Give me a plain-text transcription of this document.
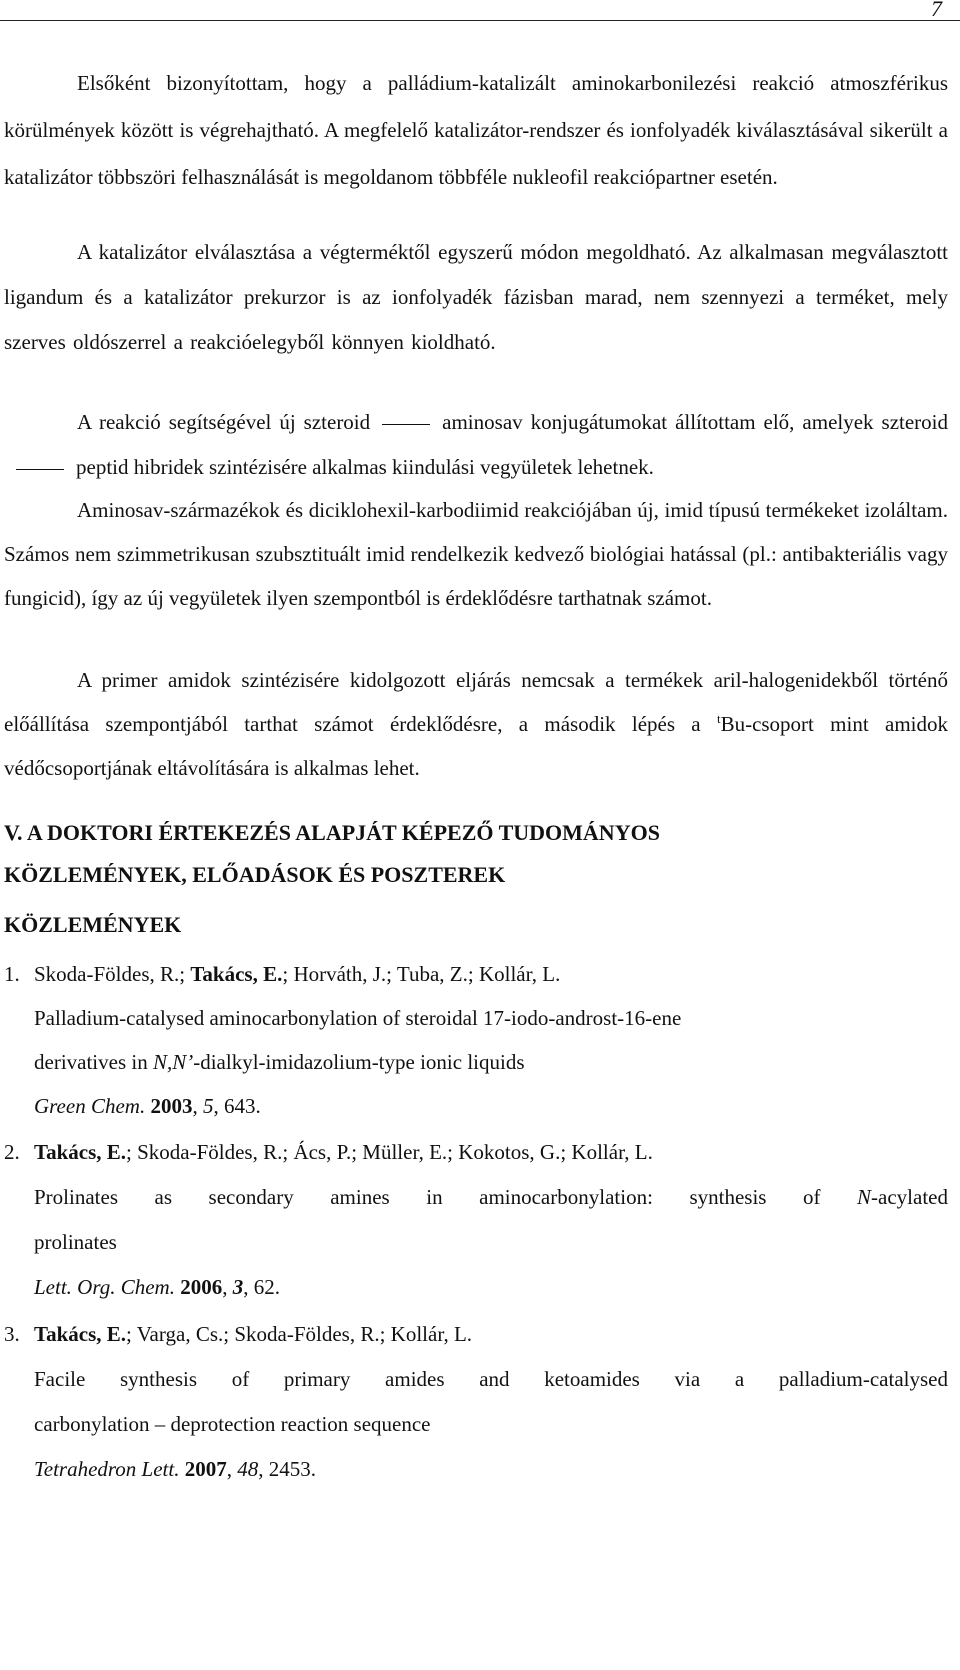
7
Elsőként bizonyítottam, hogy a palládium-katalizált aminokarbonilezési reakció atmoszférikus körülmények között is végrehajtható. A megfelelő katalizátor-rendszer és ionfolyadék kiválasztásával sikerült a katalizátor többszöri felhasználását is megoldanom többféle nukleofil reakciópartner esetén.
A katalizátor elválasztása a végterméktől egyszerű módon megoldható. Az alkalmasan megválasztott ligandum és a katalizátor prekurzor is az ionfolyadék fázisban marad, nem szennyezi a terméket, mely szerves oldószerrel a reakcióelegyből könnyen kioldható.
A reakció segítségével új szteroid	aminosav konjugátumokat állítottam elő, amelyek szteroidpeptid hibridek szintézisére alkalmas kiindulási vegyületek lehetnek.
Aminosav-származékok és diciklohexil-karbodiimid reakciójában új, imid típusú termékeket izoláltam. Számos nem szimmetrikusan szubsztituált imid rendelkezik kedvező biológiai hatással (pl.: antibakteriális vagy fungicid), így az új vegyületek ilyen szempontból is érdeklődésre tarthatnak számot.
A primer amidok szintézisére kidolgozott eljárás nemcsak a termékek aril-halogenidekből történő előállítása szempontjából tarthat számot érdeklődésre, a második lépés a $^t$Bu-csoport mint amidok védőcsoportjának eltávolítására is alkalmas lehet.
V. A DOKTORI ÉRTEKEZÉS ALAPJÁT KÉPEZŐ TUDOMÁNYOS
KÖZLEMÉNYEK, ELŐADÁSOK ÉS POSZTEREK
KÖZLEMÉNYEK
1. Skoda-Földes, R.; Takács, E.; Horváth, J.; Tuba, Z.; Kollár, L.
Palladium-catalysed aminocarbonylation of steroidal 17-iodo-androst-16-ene
derivatives in N,N’-dialkyl-imidazolium-type ionic liquids
Green Chem. 2003, 5, 643.
2. Takács, E.; Skoda-Földes, R.; Ács, P.; Müller, E.; Kokotos, G.; Kollár, L.
Prolinates as secondary amines in aminocarbonylation: synthesis of N-acylated
prolinates
Lett. Org. Chem. 2006, 3, 62.
3. Takács, E.; Varga, Cs.; Skoda-Földes, R.; Kollár, L.
Facile synthesis of primary amides and ketoamides via a palladium-catalysed
carbonylation – deprotection reaction sequence
Tetrahedron Lett. 2007, 48, 2453.
